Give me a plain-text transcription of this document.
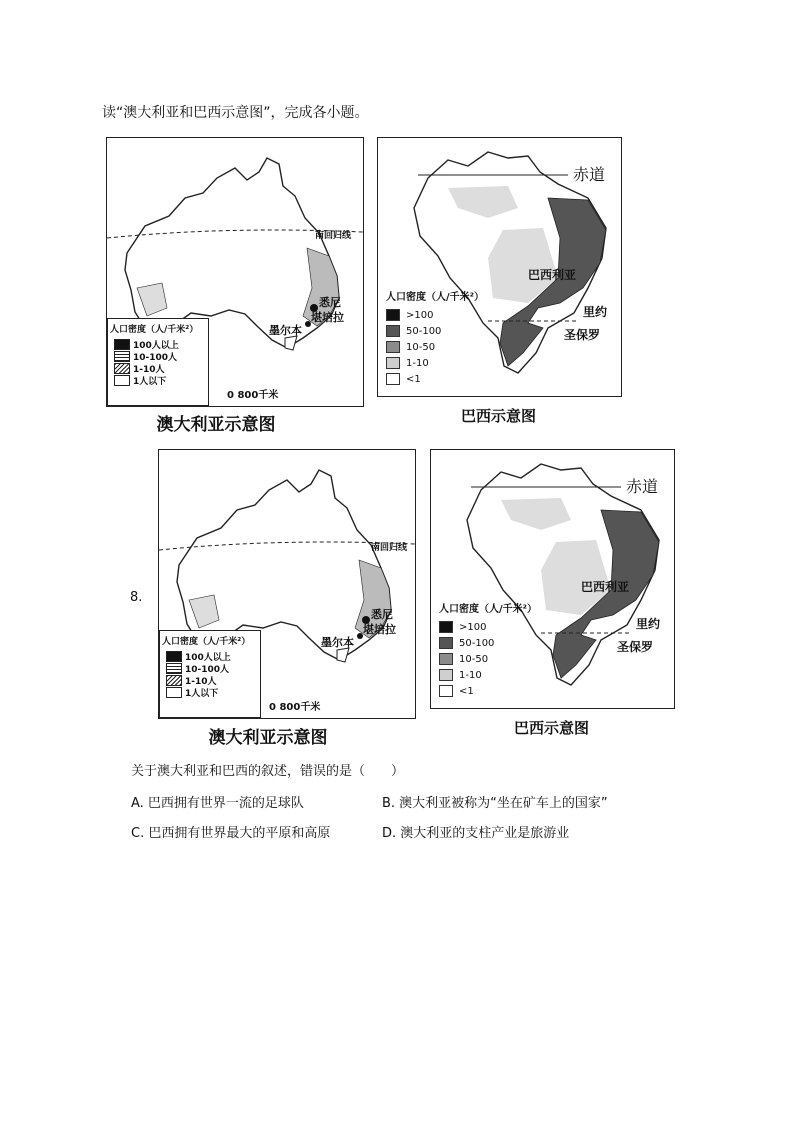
读“澳大利亚和巴西示意图”，完成各小题。
南回归线
悉尼
堪培拉
墨尔本
人口密度（人/千米²）
100人以上
10-100人
1-10人
1人以下
0 800千米
澳大利亚示意图
赤道
巴西利亚
里约
圣保罗
人口密度（人/千米²）
>100
50-100
10-50
1-10
<1
巴西示意图
8.
南回归线
悉尼
堪培拉
墨尔本
人口密度（人/千米²）
100人以上
10-100人
1-10人
1人以下
0 800千米
澳大利亚示意图
赤道
巴西利亚
里约
圣保罗
人口密度（人/千米²）
>100
50-100
10-50
1-10
<1
巴西示意图
关于澳大利亚和巴西的叙述，错误的是（　　）
A. 巴西拥有世界一流的足球队	B. 澳大利亚被称为“坐在矿车上的国家”
C. 巴西拥有世界最大的平原和高原	D. 澳大利亚的支柱产业是旅游业
